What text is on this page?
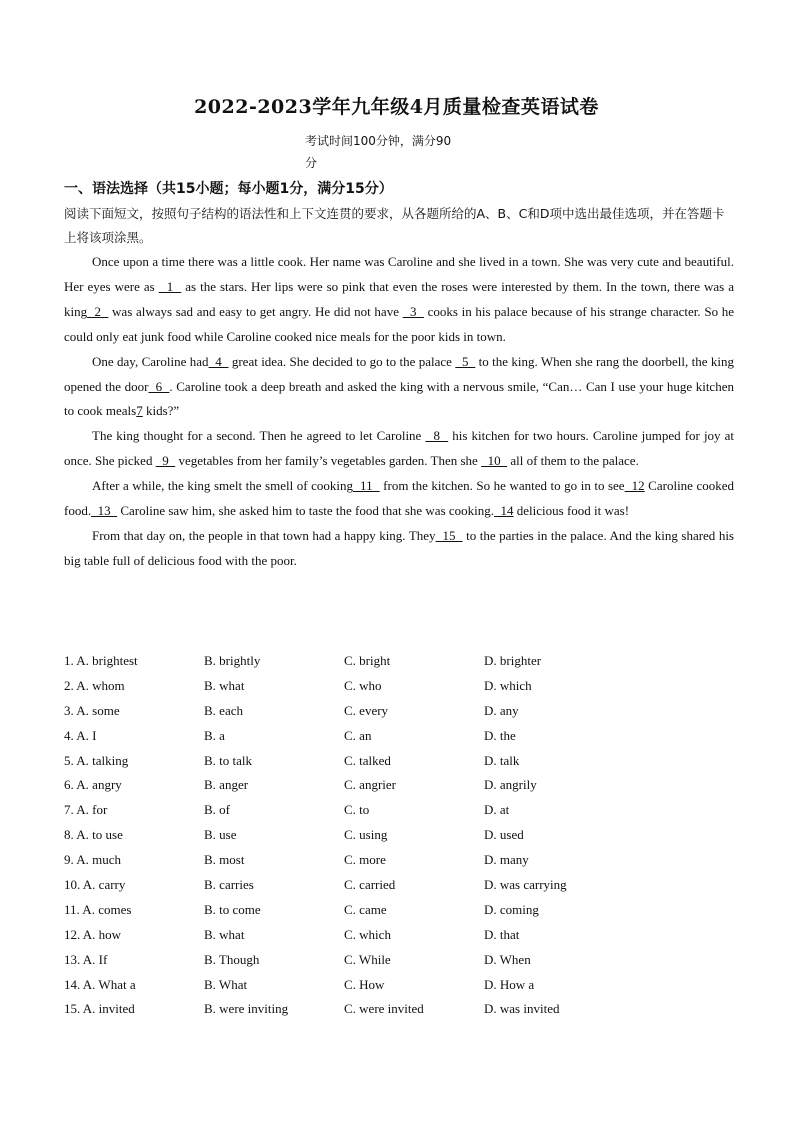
2022-2023学年九年级4月质量检查英语试卷
考试时间100分钟，满分90
分
一、语法选择（共15小题；每小题1分，满分15分）
阅读下面短文，按照句子结构的语法性和上下文连贯的要求，从各题所给的A、B、C和D项中选出最佳选项，并在答题卡上将该项涂黑。

Once upon a time there was a little cook. Her name was Caroline and she lived in a town. She was very cute and beautiful. Her eyes were as   1   as the stars. Her lips were so pink that even the roses were interested by them. In the town, there was a king  2   was always sad and easy to get angry. He did not have   3   cooks in his palace because of his strange character. So he could only eat junk food while Caroline cooked nice meals for the poor kids in town.

One day, Caroline had  4   great idea. She decided to go to the palace   5   to the king. When she rang the doorbell, the king opened the door  6  . Caroline took a deep breath and asked the king with a nervous smile, “Can… Can I use your huge kitchen to cook meals7 kids?”

The king thought for a second. Then he agreed to let Caroline   8   his kitchen for two hours. Caroline jumped for joy at once. She picked   9   vegetables from her family’s vegetables garden. Then she   10   all of them to the palace.

After a while, the king smelt the smell of cooking  11   from the kitchen. So he wanted to go in to see  12 Caroline cooked food.  13   Caroline saw him, she asked him to taste the food that she was cooking.  14 delicious food it was!

From that day on, the people in that town had a happy king. They  15   to the parties in the palace. And the king shared his big table full of delicious food with the poor.

1. A. brightest	B. brightly	C. bright	D. brighter
2. A. whom	B. what	C. who	D. which
3. A. some	B. each	C. every	D. any
4. A. I	B. a	C. an	D. the
5. A. talking	B. to talk	C. talked	D. talk
6. A. angry	B. anger	C. angrier	D. angrily
7. A. for	B. of	C. to	D. at
8. A. to use	B. use	C. using	D. used
9. A. much	B. most	C. more	D. many
10. A. carry	B. carries	C. carried	D. was carrying
11. A. comes	B. to come	C. came	D. coming
12. A. how	B. what	C. which	D. that
13. A. If	B. Though	C. While	D. When
14. A. What a	B. What	C. How	D. How a
15. A. invited	B. were inviting	C. were invited	D. was invited
